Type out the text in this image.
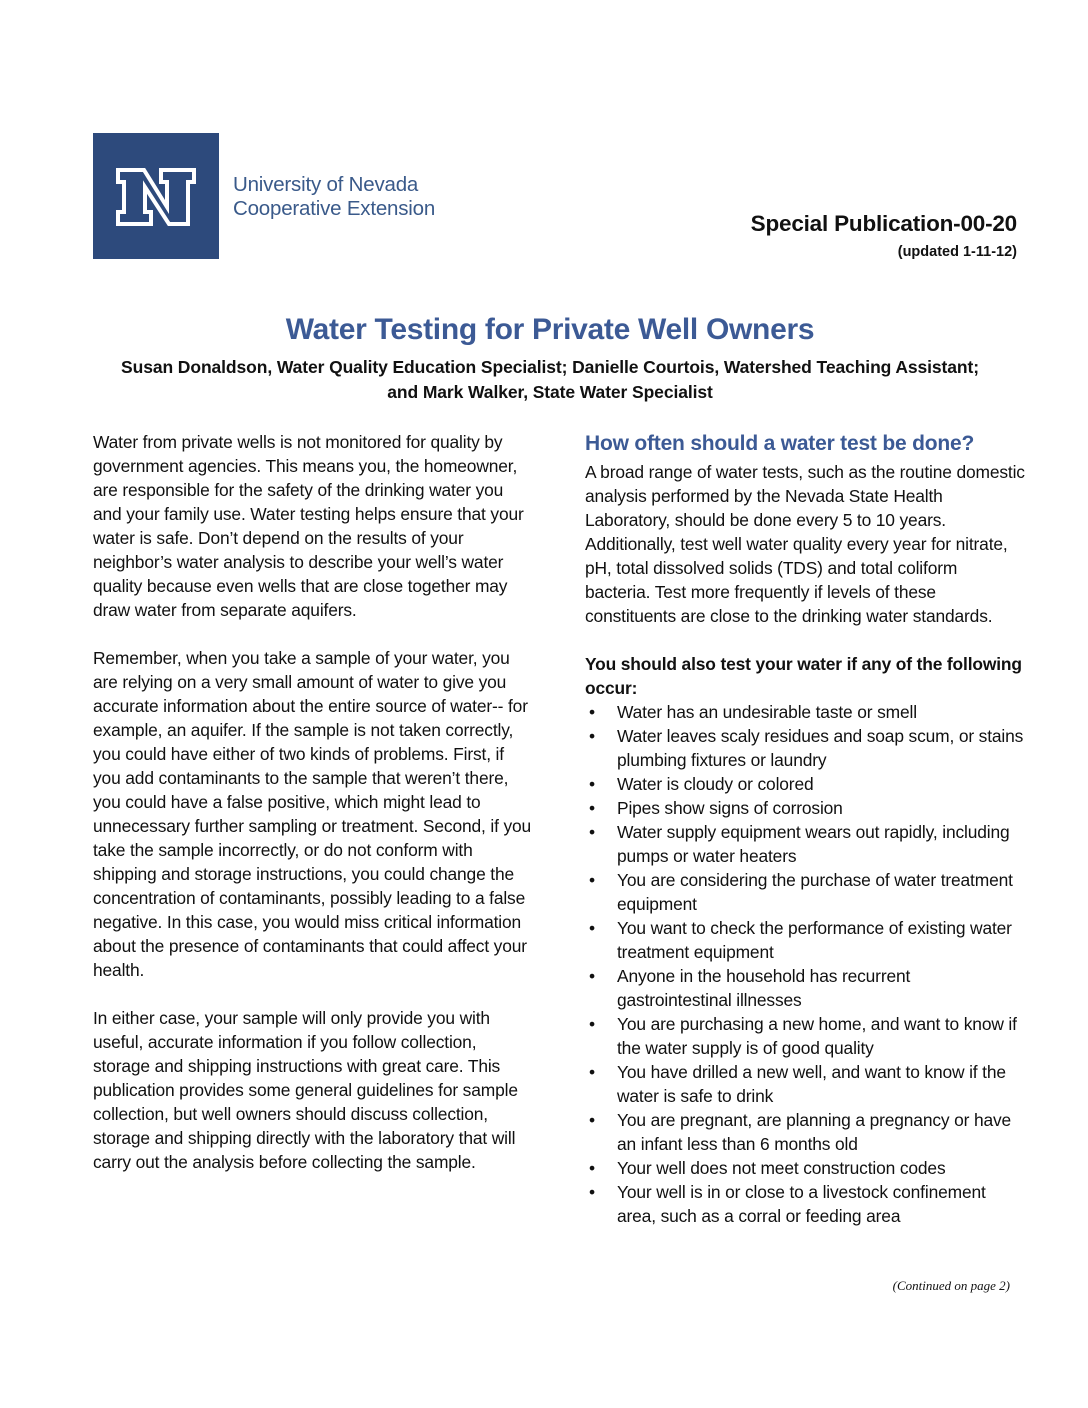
University of Nevada
Cooperative Extension
Special Publication-00-20
(updated 1-11-12)
Water Testing for Private Well Owners
Susan Donaldson, Water Quality Education Specialist; Danielle Courtois, Watershed Teaching Assistant;
and Mark Walker, State Water Specialist

Water from private wells is not monitored for quality by government agencies. This means you, the homeowner, are responsible for the safety of the drinking water you and your family use. Water testing helps ensure that your water is safe. Don’t depend on the results of your neighbor’s water analysis to describe your well’s water quality because even wells that are close together may draw water from separate aquifers.

Remember, when you take a sample of your water, you are relying on a very small amount of water to give you accurate information about the entire source of water-- for example, an aquifer. If the sample is not taken correctly, you could have either of two kinds of problems. First, if you add contaminants to the sample that weren’t there, you could have a false positive, which might lead to unnecessary further sampling or treatment. Second, if you take the sample incorrectly, or do not conform with shipping and storage instructions, you could change the concentration of contaminants, possibly leading to a false negative. In this case, you would miss critical information about the presence of contaminants that could affect your health.

In either case, your sample will only provide you with useful, accurate information if you follow collection, storage and shipping instructions with great care. This publication provides some general guidelines for sample collection, but well owners should discuss collection, storage and shipping directly with the laboratory that will carry out the analysis before collecting the sample.

How often should a water test be done?

A broad range of water tests, such as the routine domestic analysis performed by the Nevada State Health Laboratory, should be done every 5 to 10 years. Additionally, test well water quality every year for nitrate, pH, total dissolved solids (TDS) and total coliform bacteria. Test more frequently if levels of these constituents are close to the drinking water standards.

You should also test your water if any of the following occur:
• Water has an undesirable taste or smell
• Water leaves scaly residues and soap scum, or stains plumbing fixtures or laundry
• Water is cloudy or colored
• Pipes show signs of corrosion
• Water supply equipment wears out rapidly, including pumps or water heaters
• You are considering the purchase of water treatment equipment
• You want to check the performance of existing water treatment equipment
• Anyone in the household has recurrent gastrointestinal illnesses
• You are purchasing a new home, and want to know if the water supply is of good quality
• You have drilled a new well, and want to know if the water is safe to drink
• You are pregnant, are planning a pregnancy or have an infant less than 6 months old
• Your well does not meet construction codes
• Your well is in or close to a livestock confinement area, such as a corral or feeding area
(Continued on page 2)
